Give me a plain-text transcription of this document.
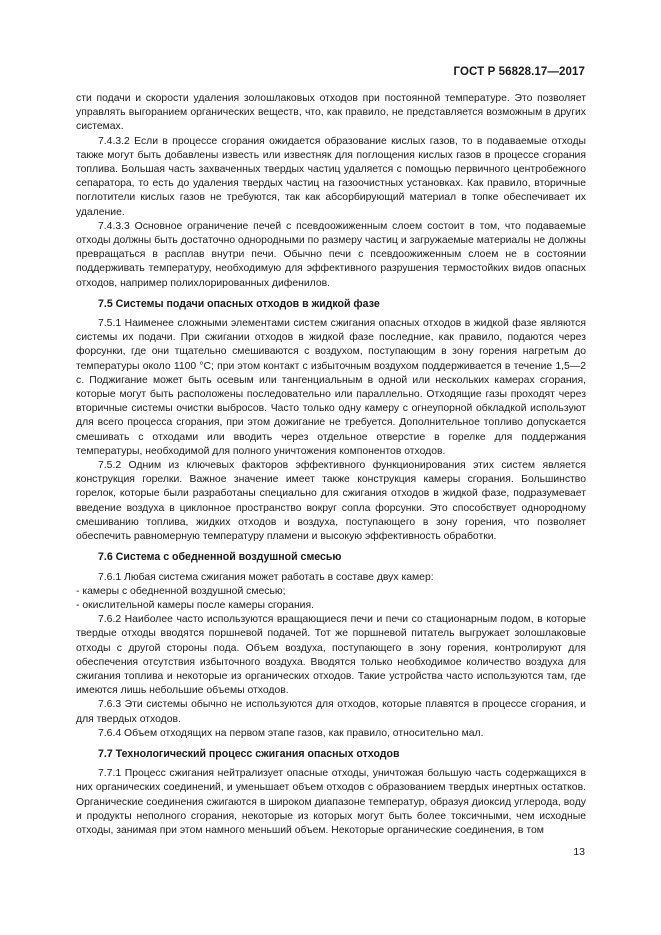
ГОСТ Р 56828.17—2017

сти подачи и скорости удаления золошлаковых отходов при постоянной температуре. Это позволяет управлять выгоранием органических веществ, что, как правило, не представляется возможным в других системах.

7.4.3.2 Если в процессе сгорания ожидается образование кислых газов, то в подаваемые отходы также могут быть добавлены известь или известняк для поглощения кислых газов в процессе сгорания топлива. Большая часть захваченных твердых частиц удаляется с помощью первичного центробежного сепаратора, то есть до удаления твердых частиц на газоочистных установках. Как правило, вторичные поглотители кислых газов не требуются, так как абсорбирующий материал в топке обеспечивает их удаление.

7.4.3.3 Основное ограничение печей с псевдоожиженным слоем состоит в том, что подаваемые отходы должны быть достаточно однородными по размеру частиц и загружаемые материалы не должны превращаться в расплав внутри печи. Обычно печи с псевдоожиженным слоем не в состоянии поддерживать температуру, необходимую для эффективного разрушения термостойких видов опасных отходов, например полихлорированных дифенилов.

7.5 Системы подачи опасных отходов в жидкой фазе

7.5.1 Наименее сложными элементами систем сжигания опасных отходов в жидкой фазе являются системы их подачи. При сжигании отходов в жидкой фазе последние, как правило, подаются через форсунки, где они тщательно смешиваются с воздухом, поступающим в зону горения нагретым до температуры около 1100 °С; при этом контакт с избыточным воздухом поддерживается в течение 1,5—2 с. Поджигание может быть осевым или тангенциальным в одной или нескольких камерах сгорания, которые могут быть расположены последовательно или параллельно. Отходящие газы проходят через вторичные системы очистки выбросов. Часто только одну камеру с огнеупорной обкладкой используют для всего процесса сгорания, при этом дожигание не требуется. Дополнительное топливо допускается смешивать с отходами или вводить через отдельное отверстие в горелке для поддержания температуры, необходимой для полного уничтожения компонентов отходов.

7.5.2 Одним из ключевых факторов эффективного функционирования этих систем является конструкция горелки. Важное значение имеет также конструкция камеры сгорания. Большинство горелок, которые были разработаны специально для сжигания отходов в жидкой фазе, подразумевает введение воздуха в циклонное пространство вокруг сопла форсунки. Это способствует однородному смешиванию топлива, жидких отходов и воздуха, поступающего в зону горения, что позволяет обеспечить равномерную температуру пламени и высокую эффективность обработки.

7.6 Система с обедненной воздушной смесью

7.6.1 Любая система сжигания может работать в составе двух камер:

- камеры с обедненной воздушной смесью;

- окислительной камеры после камеры сгорания.

7.6.2 Наиболее часто используются вращающиеся печи и печи со стационарным подом, в которые твердые отходы вводятся поршневой подачей. Тот же поршневой питатель выгружает золошлаковые отходы с другой стороны пода. Объем воздуха, поступающего в зону горения, контролируют для обеспечения отсутствия избыточного воздуха. Вводятся только необходимое количество воздуха для сжигания топлива и некоторые из органических отходов. Такие устройства часто используются там, где имеются лишь небольшие объемы отходов.

7.6.3 Эти системы обычно не используются для отходов, которые плавятся в процессе сгорания, и для твердых отходов.

7.6.4 Объем отходящих на первом этапе газов, как правило, относительно мал.

7.7 Технологический процесс сжигания опасных отходов

7.7.1 Процесс сжигания нейтрализует опасные отходы, уничтожая большую часть содержащихся в них органических соединений, и уменьшает объем отходов с образованием твердых инертных остатков. Органические соединения сжигаются в широком диапазоне температур, образуя диоксид углерода, воду и продукты неполного сгорания, некоторые из которых могут быть более токсичными, чем исходные отходы, занимая при этом намного меньший объем. Некоторые органические соединения, в том

13
